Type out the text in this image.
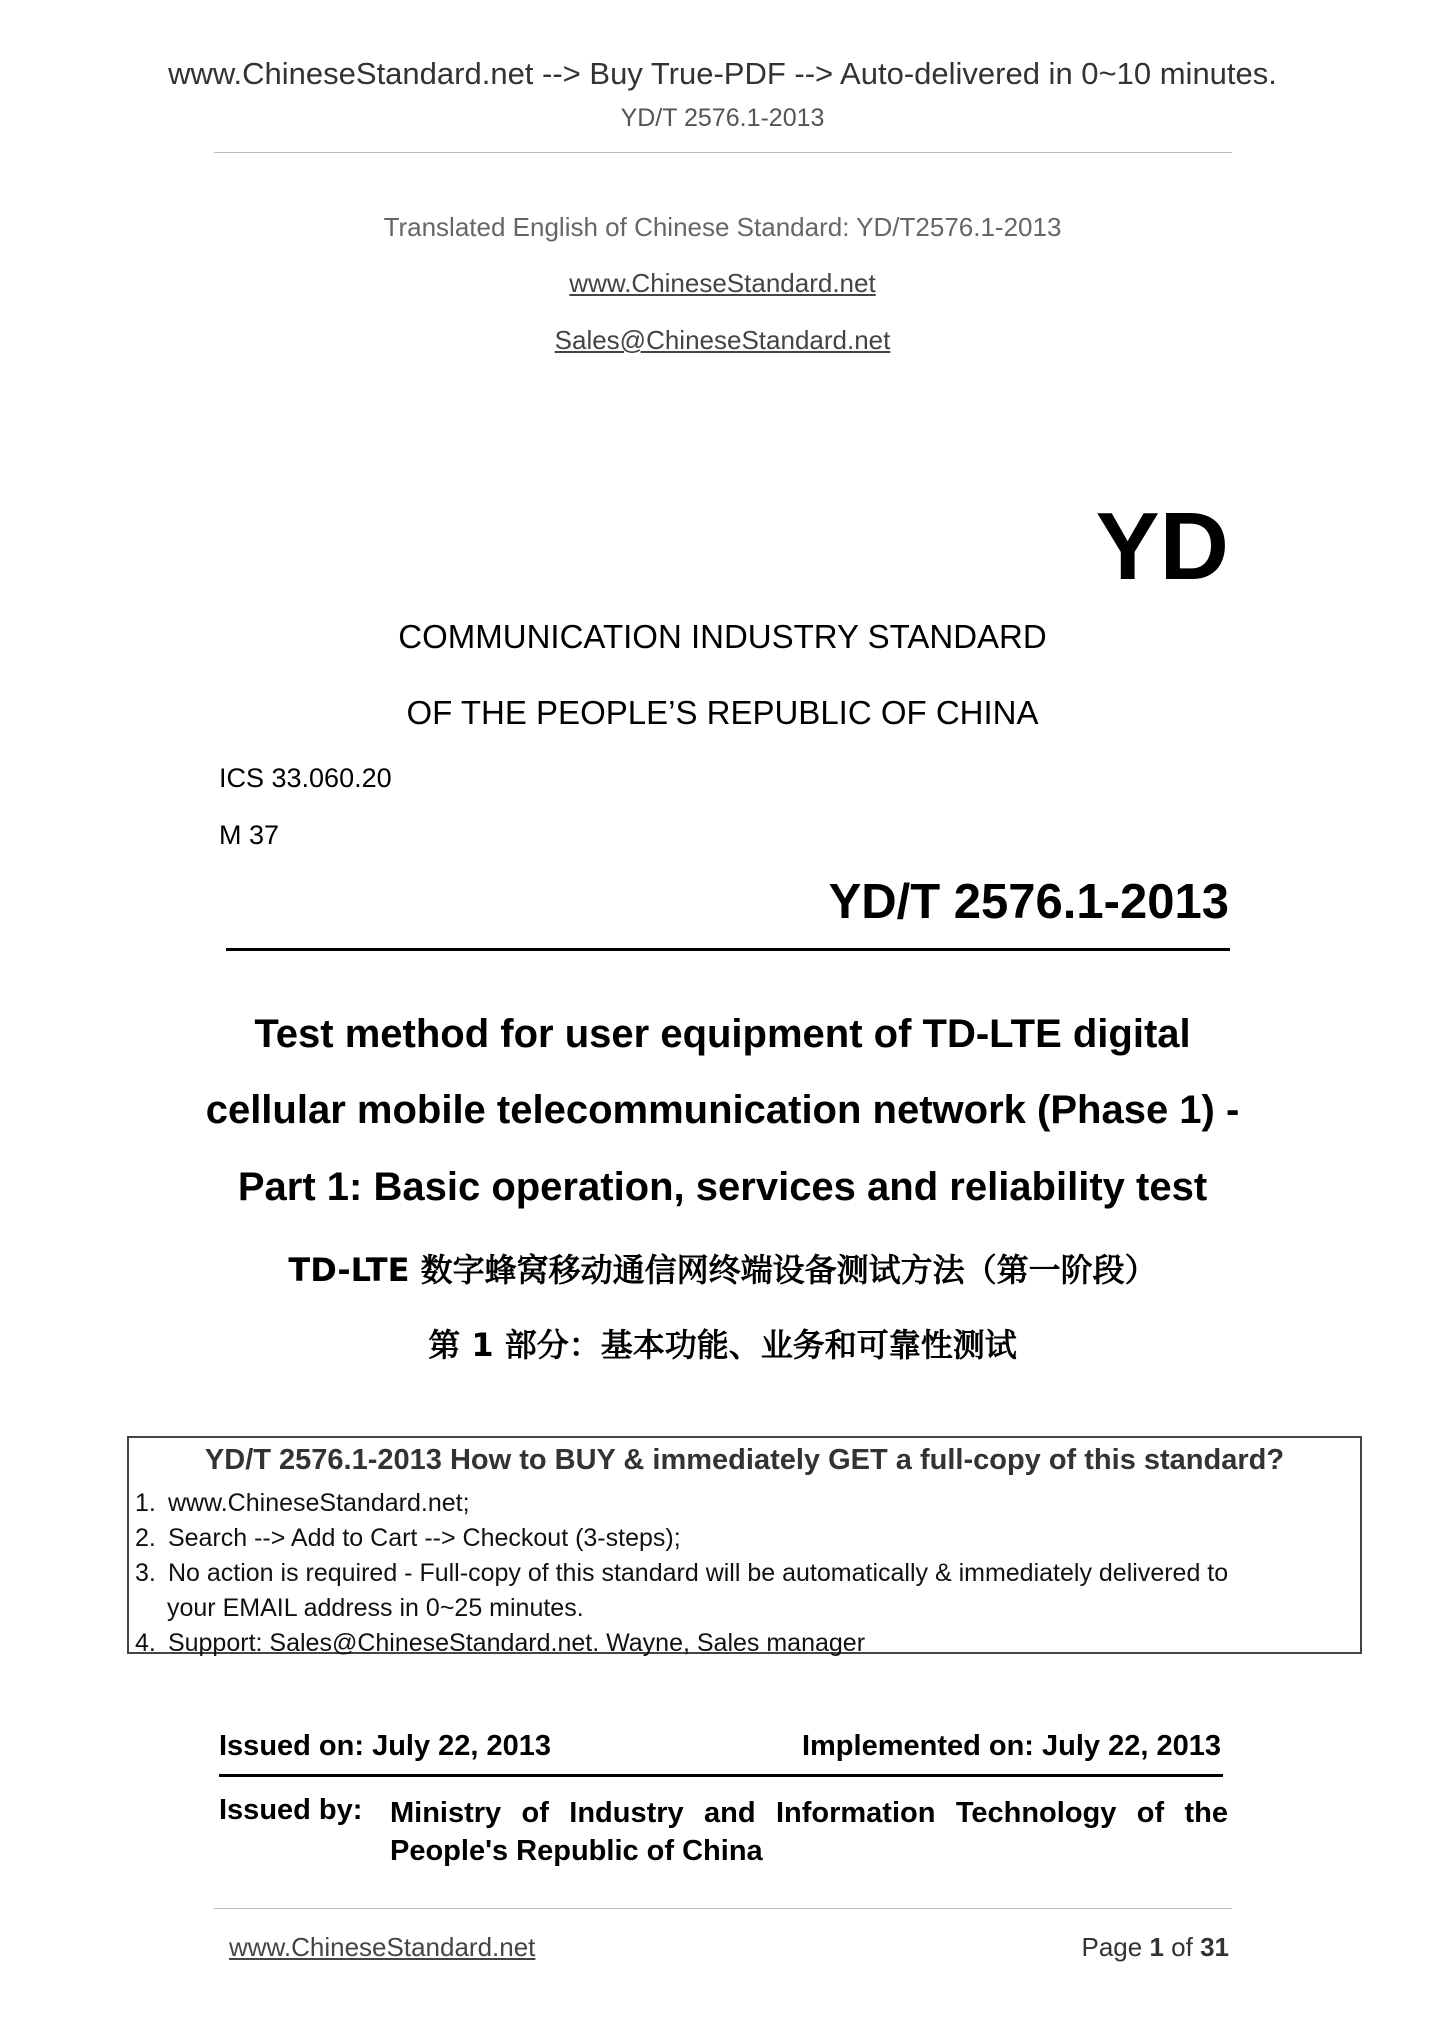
www.ChineseStandard.net --> Buy True-PDF --> Auto-delivered in 0~10 minutes.
YD/T 2576.1-2013
Translated English of Chinese Standard: YD/T2576.1-2013
www.ChineseStandard.net
Sales@ChineseStandard.net
YD
COMMUNICATION INDUSTRY STANDARD
OF THE PEOPLE’S REPUBLIC OF CHINA
ICS 33.060.20
M 37
YD/T 2576.1-2013
Test method for user equipment of TD-LTE digital
cellular mobile telecommunication network (Phase 1) -
Part 1: Basic operation, services and reliability test
TD-LTE 数字蜂窝移动通信网终端设备测试方法（第一阶段）
第 1 部分：基本功能、业务和可靠性测试
YD/T 2576.1-2013 How to BUY & immediately GET a full-copy of this standard?
1. www.ChineseStandard.net;
2. Search --> Add to Cart --> Checkout (3-steps);
3. No action is required - Full-copy of this standard will be automatically & immediately delivered to
your EMAIL address in 0~25 minutes.
4. Support: Sales@ChineseStandard.net. Wayne, Sales manager
Issued on: July 22, 2013	Implemented on: July 22, 2013
Issued by: Ministry of Industry and Information Technology of the People's Republic of China
www.ChineseStandard.net	Page 1 of 31
